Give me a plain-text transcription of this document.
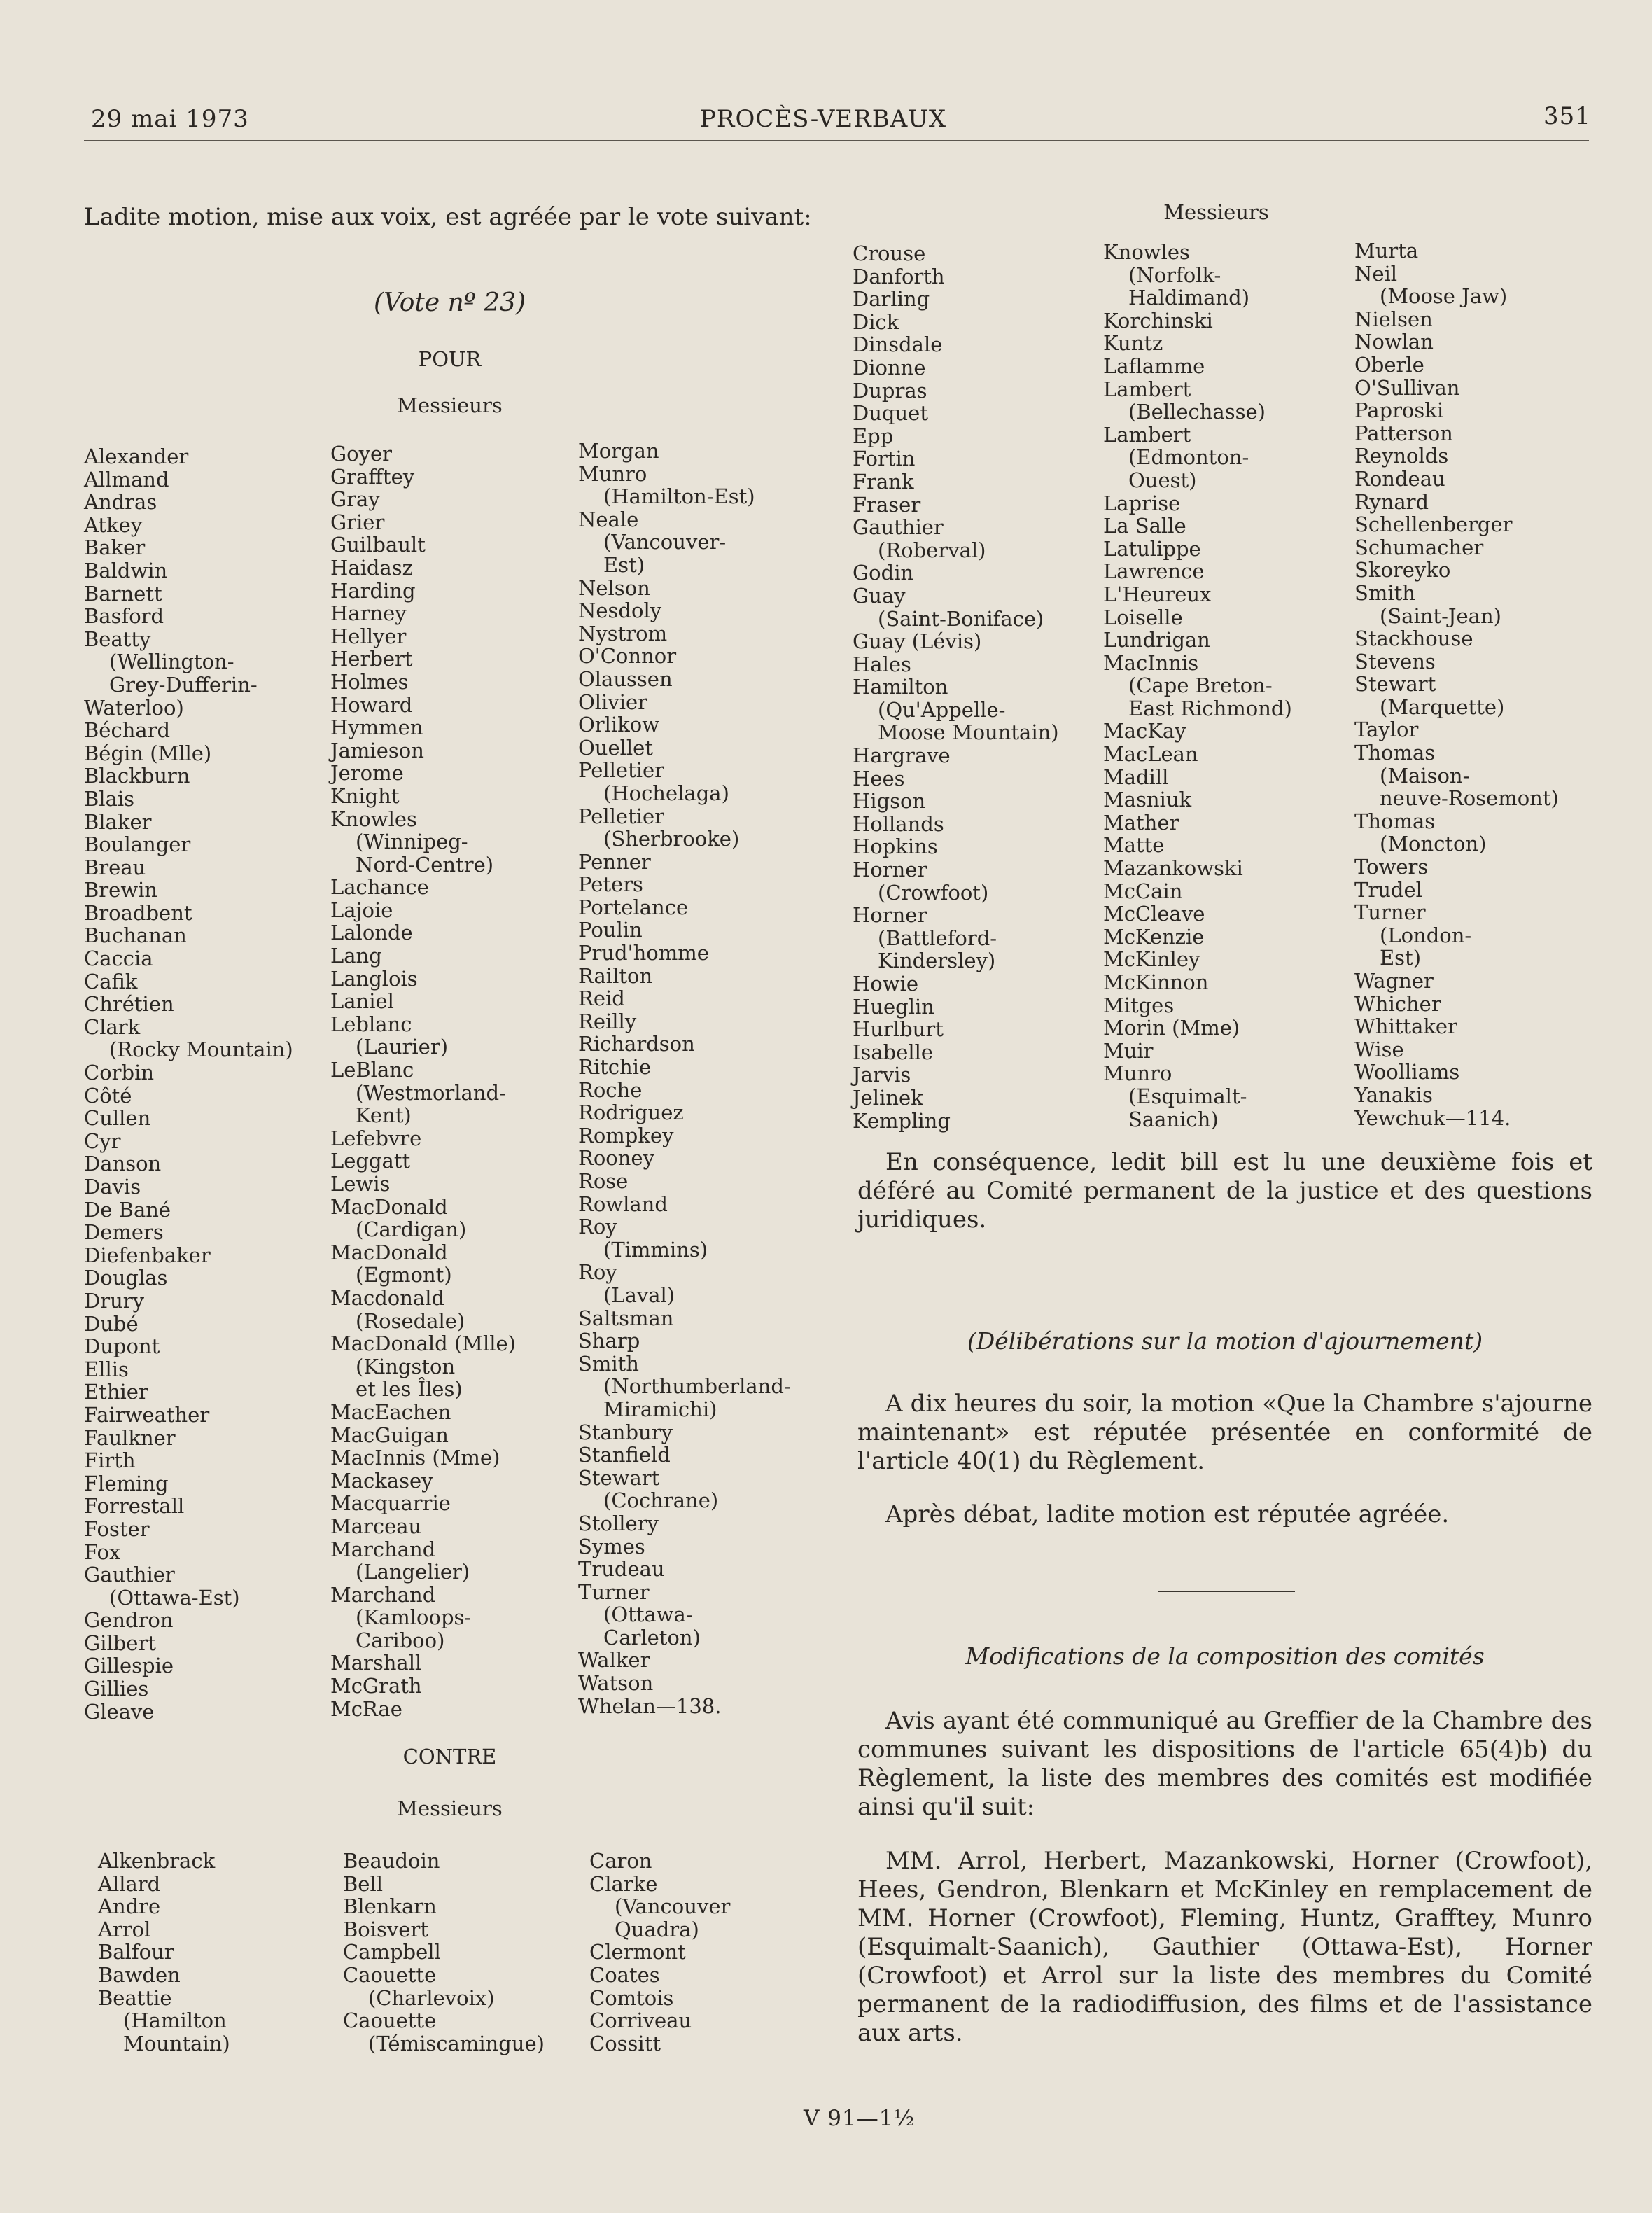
29 mai 1973	PROCÈS-VERBAUX	351
Ladite motion, mise aux voix, est agréée par le vote suivant:
(Vote nº 23)
POUR
Messieurs
Alexander
Allmand
Andras
Atkey
Baker
Baldwin
Barnett
Basford
Beatty
(Wellington-
Grey-Dufferin-
Waterloo)
Béchard
Bégin (Mlle)
Blackburn
Blais
Blaker
Boulanger
Breau
Brewin
Broadbent
Buchanan
Caccia
Cafik
Chrétien
Clark
(Rocky Mountain)
Corbin
Côté
Cullen
Cyr
Danson
Davis
De Bané
Demers
Diefenbaker
Douglas
Drury
Dubé
Dupont
Ellis
Ethier
Fairweather
Faulkner
Firth
Fleming
Forrestall
Foster
Fox
Gauthier
(Ottawa-Est)
Gendron
Gilbert
Gillespie
Gillies
Gleave
Goyer
Grafftey
Gray
Grier
Guilbault
Haidasz
Harding
Harney
Hellyer
Herbert
Holmes
Howard
Hymmen
Jamieson
Jerome
Knight
Knowles
(Winnipeg-
Nord-Centre)
Lachance
Lajoie
Lalonde
Lang
Langlois
Laniel
Leblanc
(Laurier)
LeBlanc
(Westmorland-
Kent)
Lefebvre
Leggatt
Lewis
MacDonald
(Cardigan)
MacDonald
(Egmont)
Macdonald
(Rosedale)
MacDonald (Mlle)
(Kingston
et les Îles)
MacEachen
MacGuigan
MacInnis (Mme)
Mackasey
Macquarrie
Marceau
Marchand
(Langelier)
Marchand
(Kamloops-
Cariboo)
Marshall
McGrath
McRae
Morgan
Munro
(Hamilton-Est)
Neale
(Vancouver-
Est)
Nelson
Nesdoly
Nystrom
O'Connor
Olaussen
Olivier
Orlikow
Ouellet
Pelletier
(Hochelaga)
Pelletier
(Sherbrooke)
Penner
Peters
Portelance
Poulin
Prud'homme
Railton
Reid
Reilly
Richardson
Ritchie
Roche
Rodriguez
Rompkey
Rooney
Rose
Rowland
Roy
(Timmins)
Roy
(Laval)
Saltsman
Sharp
Smith
(Northumberland-
Miramichi)
Stanbury
Stanfield
Stewart
(Cochrane)
Stollery
Symes
Trudeau
Turner
(Ottawa-
Carleton)
Walker
Watson
Whelan—138.
CONTRE
Messieurs
Alkenbrack
Allard
Andre
Arrol
Balfour
Bawden
Beattie
(Hamilton
Mountain)
Beaudoin
Bell
Blenkarn
Boisvert
Campbell
Caouette
(Charlevoix)
Caouette
(Témiscamingue)
Caron
Clarke
(Vancouver
Quadra)
Clermont
Coates
Comtois
Corriveau
Cossitt
Messieurs
Crouse
Danforth
Darling
Dick
Dinsdale
Dionne
Dupras
Duquet
Epp
Fortin
Frank
Fraser
Gauthier
(Roberval)
Godin
Guay
(Saint-Boniface)
Guay (Lévis)
Hales
Hamilton
(Qu'Appelle-
Moose Mountain)
Hargrave
Hees
Higson
Hollands
Hopkins
Horner
(Crowfoot)
Horner
(Battleford-
Kindersley)
Howie
Hueglin
Hurlburt
Isabelle
Jarvis
Jelinek
Kempling
Knowles
(Norfolk-
Haldimand)
Korchinski
Kuntz
Laflamme
Lambert
(Bellechasse)
Lambert
(Edmonton-
Ouest)
Laprise
La Salle
Latulippe
Lawrence
L'Heureux
Loiselle
Lundrigan
MacInnis
(Cape Breton-
East Richmond)
MacKay
MacLean
Madill
Masniuk
Mather
Matte
Mazankowski
McCain
McCleave
McKenzie
McKinley
McKinnon
Mitges
Morin (Mme)
Muir
Munro
(Esquimalt-
Saanich)
Murta
Neil
(Moose Jaw)
Nielsen
Nowlan
Oberle
O'Sullivan
Paproski
Patterson
Reynolds
Rondeau
Rynard
Schellenberger
Schumacher
Skoreyko
Smith
(Saint-Jean)
Stackhouse
Stevens
Stewart
(Marquette)
Taylor
Thomas
(Maison-
neuve-Rosemont)
Thomas
(Moncton)
Towers
Trudel
Turner
(London-
Est)
Wagner
Whicher
Whittaker
Wise
Woolliams
Yanakis
Yewchuk—114.
En conséquence, ledit bill est lu une deuxième fois et déféré au Comité permanent de la justice et des questions juridiques.
(Délibérations sur la motion d'ajournement)
A dix heures du soir, la motion «Que la Chambre s'ajourne maintenant» est réputée présentée en conformité de l'article 40(1) du Règlement.
Après débat, ladite motion est réputée agréée.
Modifications de la composition des comités
Avis ayant été communiqué au Greffier de la Chambre des communes suivant les dispositions de l'article 65(4)b) du Règlement, la liste des membres des comités est modifiée ainsi qu'il suit:
MM. Arrol, Herbert, Mazankowski, Horner (Crowfoot), Hees, Gendron, Blenkarn et McKinley en remplacement de MM. Horner (Crowfoot), Fleming, Huntz, Grafftey, Munro (Esquimalt-Saanich), Gauthier (Ottawa-Est), Horner (Crowfoot) et Arrol sur la liste des membres du Comité permanent de la radiodiffusion, des films et de l'assistance aux arts.
V 91—1½
